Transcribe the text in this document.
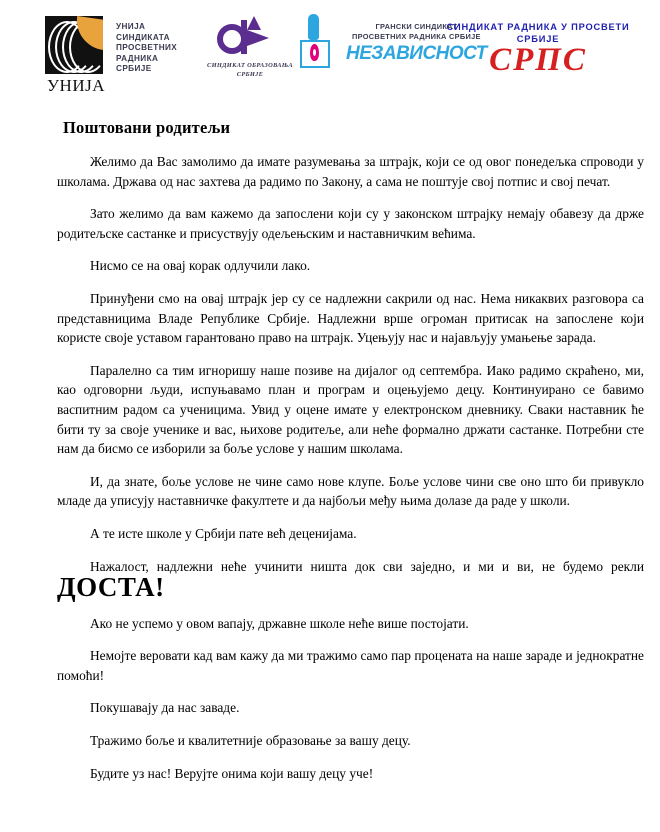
УНИЈА
УНИЈА
СИНДИКАТА
ПРОСВЕТНИХ
РАДНИКА
СРБИЈЕ	СИНДИКАТ ОБРАЗОВАЊА
СРБИЈЕ
ГРАНСКИ СИНДИКАТ
ПРОСВЕТНИХ РАДНИКА СРБИЈЕ
НЕЗАВИСНОСТ
СИНДИКАТ РАДНИКА У ПРОСВЕТИ
СРБИЈЕ
СРПС
Поштовани родитељи

Желимо да Вас замолимо да имате разумевања за штрајк, који се од овог понедељка спроводи у школама. Држава од нас захтева да радимо по Закону, а сама не поштује свој потпис и свој печат.

Зато желимо да вам кажемо да запослени који су у законском штрајку немају обавезу да држе родитељске састанке и присуствују одељењским и наставничким већима.

Нисмо се на овај корак одлучили лако.

Принуђени смо на овај штрајк јер су се надлежни сакрили од нас. Нема никаквих разговора са представницима Владе Републике Србије. Надлежни врше огроман притисак на запослене који користе своје уставом гарантовано право на штрајк. Уцењују нас и најављују умањење зарада.

Паралелно са тим игноришу наше позиве на дијалог од септембра. Иако радимо скраћено, ми, као одговорни људи, испуњавамо план и програм и оцењујемо децу. Континуирано се бавимо васпитним радом са ученицима. Увид у оцене имате у електронском дневнику. Сваки наставник ће бити ту за своје ученике и вас, њихове родитеље, али неће формално држати састанке. Потребни сте нам да бисмо се изборили за боље услове у нашим школама.

И, да знате, боље услове не чине само нове клупе. Боље услове чини све оно што би привукло младе да уписују наставничке факултете и да најбољи међу њима долазе да раде у школи.

А те исте школе у Србији пате већ деценијама.

Нажалост, надлежни неће учинити ништа док сви заједно, и ми и ви, не будемо рекли ДОСТА!

Ако не успемо у овом вапају, државне школе неће више постојати.

Немојте веровати кад вам кажу да ми тражимо само пар процената на наше зараде и једнократне помоћи!

Покушавају да нас заваде.

Тражимо боље и квалитетније образовање за вашу децу.

Будите уз нас! Верујте онима који вашу децу уче!
